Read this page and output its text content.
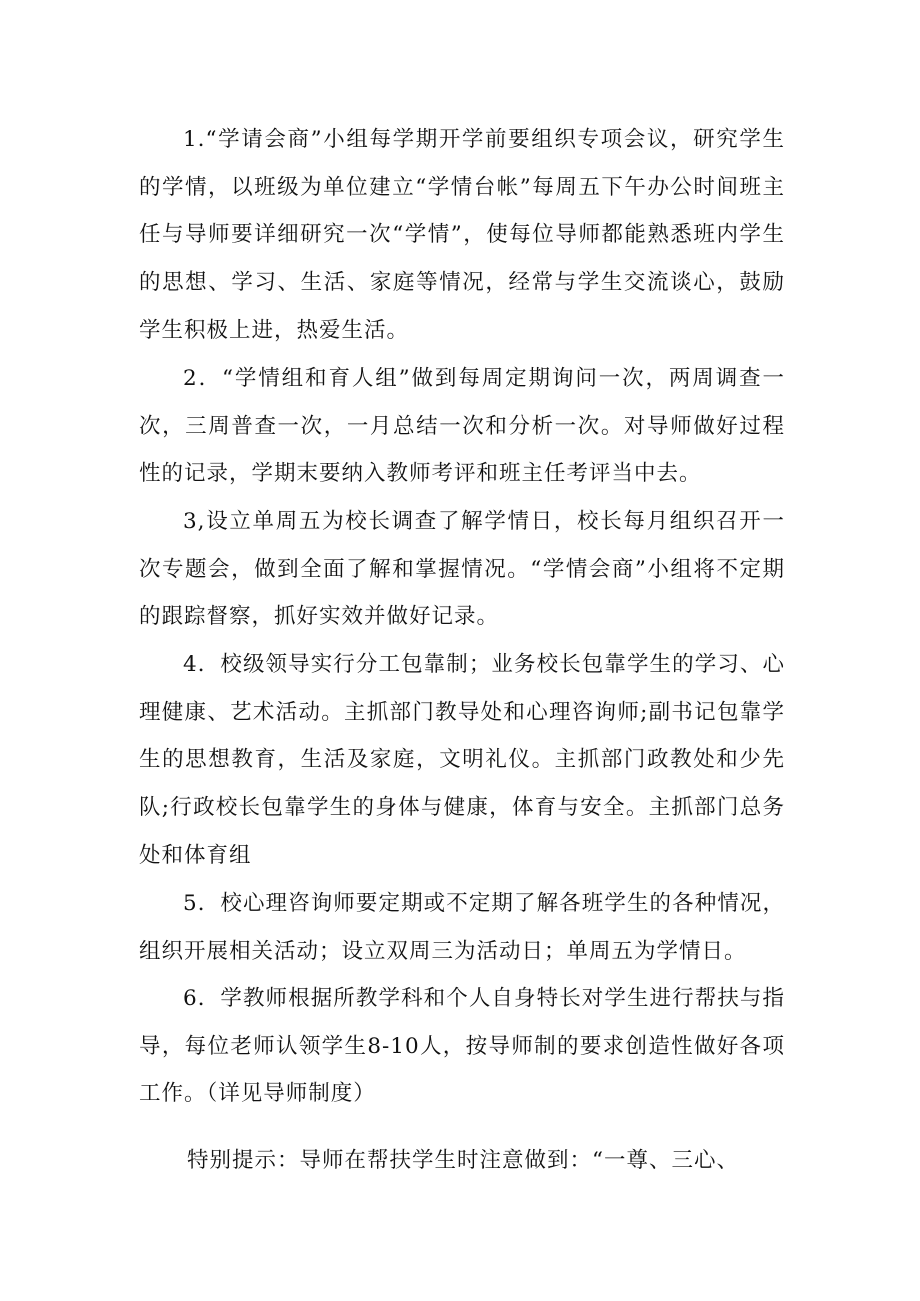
1.“学请会商”小组每学期开学前要组织专项会议，研究学生的学情，以班级为单位建立“学情台帐”每周五下午办公时间班主任与导师要详细研究一次“学情”，使每位导师都能熟悉班内学生的思想、学习、生活、家庭等情况，经常与学生交流谈心，鼓励学生积极上进，热爱生活。

2．“学情组和育人组”做到每周定期询问一次，两周调查一次，三周普查一次，一月总结一次和分析一次。对导师做好过程性的记录，学期末要纳入教师考评和班主任考评当中去。

3,设立单周五为校长调查了解学情日，校长每月组织召开一次专题会，做到全面了解和掌握情况。“学情会商”小组将不定期的跟踪督察，抓好实效并做好记录。

4．校级领导实行分工包靠制；业务校长包靠学生的学习、心理健康、艺术活动。主抓部门教导处和心理咨询师;副书记包靠学生的思想教育，生活及家庭，文明礼仪。主抓部门政教处和少先队;行政校长包靠学生的身体与健康，体育与安全。主抓部门总务处和体育组

5．校心理咨询师要定期或不定期了解各班学生的各种情况，组织开展相关活动；设立双周三为活动日；单周五为学情日。

6．学教师根据所教学科和个人自身特长对学生进行帮扶与指导，每位老师认领学生8-10人，按导师制的要求创造性做好各项工作。（详见导师制度）

特别提示：导师在帮扶学生时注意做到：“一尊、三心、
